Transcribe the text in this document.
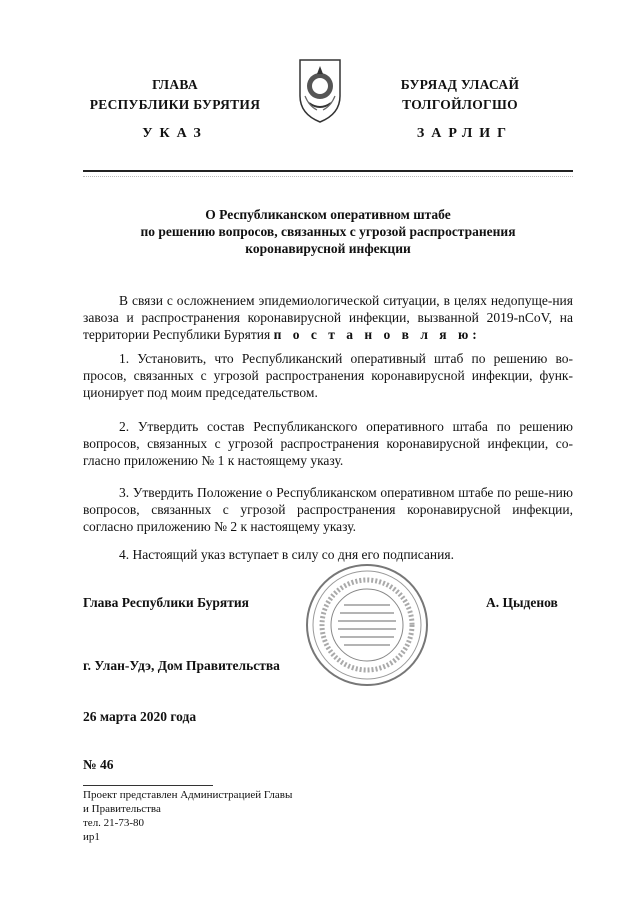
ГЛАВА
РЕСПУБЛИКИ БУРЯТИЯ
БУРЯАД УЛАСАЙ
ТОЛГОЙЛОГШО
УКАЗ	ЗАРЛИГ
О Республиканском оперативном штабе
по решению вопросов, связанных с угрозой распространения
коронавирусной инфекции

В связи с осложнением эпидемиологической ситуации, в целях недопуще-ния завоза и распространения коронавирусной инфекции, вызванной 2019-nCoV, на территории Республики Бурятия п о с т а н о в л я ю:

1. Установить, что Республиканский оперативный штаб по решению во-просов, связанных с угрозой распространения коронавирусной инфекции, функ-ционирует под моим председательством.

2. Утвердить состав Республиканского оперативного штаба по решению вопросов, связанных с угрозой распространения коронавирусной инфекции, со-гласно приложению № 1 к настоящему указу.

3. Утвердить Положение о Республиканском оперативном штабе по реше-нию вопросов, связанных с угрозой распространения коронавирусной инфекции, согласно приложению № 2 к настоящему указу.

4. Настоящий указ вступает в силу со дня его подписания.

Глава Республики Бурятия	А. Цыденов
г. Улан-Удэ, Дом Правительства
26 марта 2020 года
№ 46
Проект представлен Администрацией Главы
и Правительства
тел. 21-73-80
ир1
